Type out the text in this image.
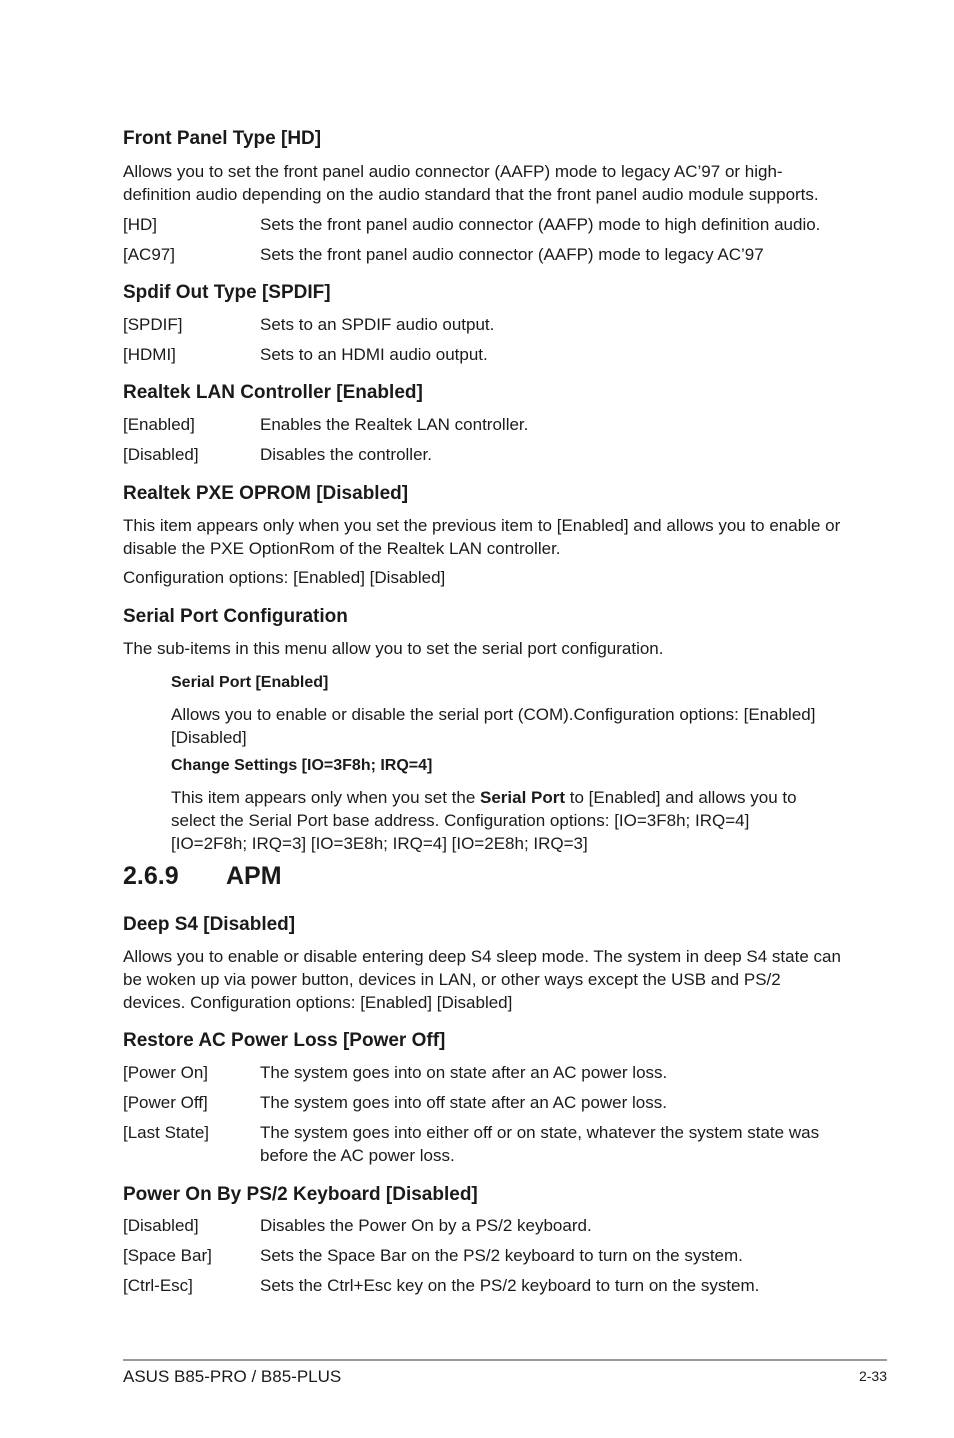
Front Panel Type [HD]
Allows you to set the front panel audio connector (AAFP) mode to legacy AC’97 or high-definition audio depending on the audio standard that the front panel audio module supports.
[HD]	Sets the front panel audio connector (AAFP) mode to high definition audio.
[AC97]	Sets the front panel audio connector (AAFP) mode to legacy AC’97
Spdif Out Type [SPDIF]
[SPDIF]	Sets to an SPDIF audio output.
[HDMI]	Sets to an HDMI audio output.
Realtek LAN Controller [Enabled]
[Enabled]	Enables the Realtek LAN controller.
[Disabled]	Disables the controller.
Realtek PXE OPROM [Disabled]
This item appears only when you set the previous item to [Enabled] and allows you to enable or disable the PXE OptionRom of the Realtek LAN controller.
Configuration options: [Enabled] [Disabled]
Serial Port Configuration
The sub-items in this menu allow you to set the serial port configuration.
Serial Port [Enabled]
Allows you to enable or disable the serial port (COM).Configuration options: [Enabled] [Disabled]
Change Settings [IO=3F8h; IRQ=4]
This item appears only when you set the Serial Port to [Enabled] and allows you to select the Serial Port base address. Configuration options: [IO=3F8h; IRQ=4] [IO=2F8h; IRQ=3] [IO=3E8h; IRQ=4] [IO=2E8h; IRQ=3]
2.6.9 APM
Deep S4 [Disabled]
Allows you to enable or disable entering deep S4 sleep mode. The system in deep S4 state can be woken up via power button, devices in LAN, or other ways except the USB and PS/2 devices. Configuration options: [Enabled] [Disabled]
Restore AC Power Loss [Power Off]
[Power On]	The system goes into on state after an AC power loss.
[Power Off]	The system goes into off state after an AC power loss.
[Last State]	The system goes into either off or on state, whatever the system state was before the AC power loss.
Power On By PS/2 Keyboard [Disabled]
[Disabled]	Disables the Power On by a PS/2 keyboard.
[Space Bar]	Sets the Space Bar on the PS/2 keyboard to turn on the system.
[Ctrl-Esc]	Sets the Ctrl+Esc key on the PS/2 keyboard to turn on the system.
ASUS B85-PRO / B85-PLUS	2-33
